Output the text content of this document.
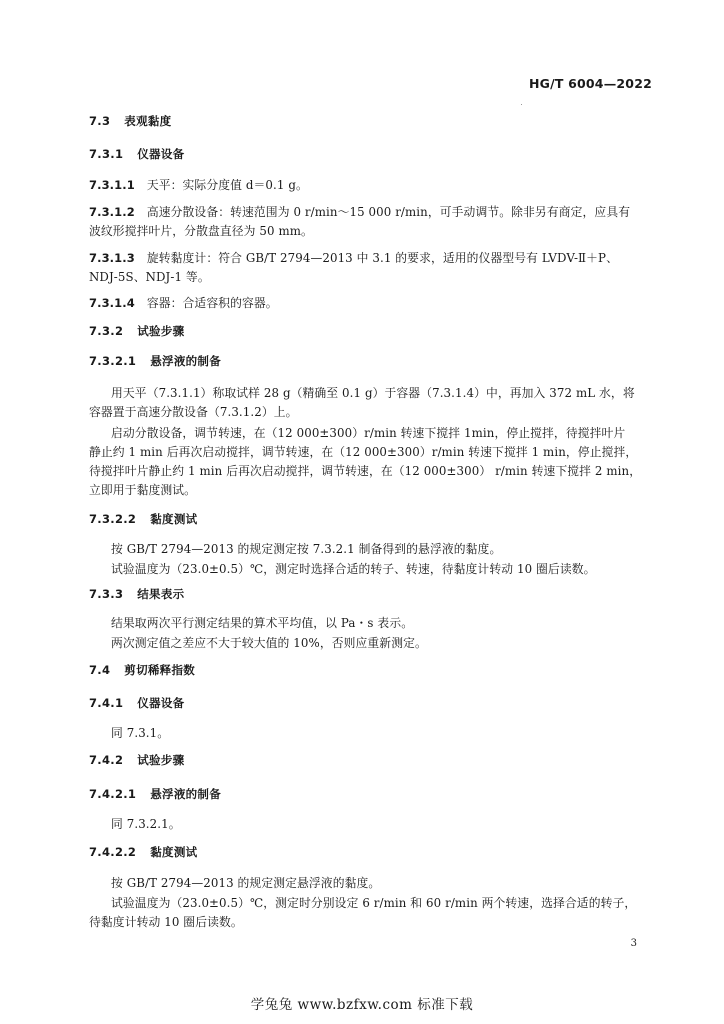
HG/T 6004—2022
7.3 表观黏度
7.3.1 仪器设备
7.3.1.1 天平：实际分度值 d＝0.1 g。
7.3.1.2 高速分散设备：转速范围为 0 r/min～15 000 r/min，可手动调节。除非另有商定，应具有
波纹形搅拌叶片，分散盘直径为 50 mm。
7.3.1.3 旋转黏度计：符合 GB/T 2794—2013 中 3.1 的要求，适用的仪器型号有 LVDV-Ⅱ＋P、
NDJ-5S、NDJ-1 等。
7.3.1.4 容器：合适容积的容器。
7.3.2 试验步骤
7.3.2.1 悬浮液的制备
用天平（7.3.1.1）称取试样 28 g（精确至 0.1 g）于容器（7.3.1.4）中，再加入 372 mL 水，将
容器置于高速分散设备（7.3.1.2）上。
启动分散设备，调节转速，在（12 000±300）r/min 转速下搅拌 1min，停止搅拌，待搅拌叶片
静止约 1 min 后再次启动搅拌，调节转速，在（12 000±300）r/min 转速下搅拌 1 min，停止搅拌，
待搅拌叶片静止约 1 min 后再次启动搅拌，调节转速，在（12 000±300） r/min 转速下搅拌 2 min，
立即用于黏度测试。
7.3.2.2 黏度测试
按 GB/T 2794—2013 的规定测定按 7.3.2.1 制备得到的悬浮液的黏度。
试验温度为（23.0±0.5）℃，测定时选择合适的转子、转速，待黏度计转动 10 圈后读数。
7.3.3 结果表示
结果取两次平行测定结果的算术平均值，以 Pa・s 表示。
两次测定值之差应不大于较大值的 10%，否则应重新测定。
7.4 剪切稀释指数
7.4.1 仪器设备
同 7.3.1。
7.4.2 试验步骤
7.4.2.1 悬浮液的制备
同 7.3.2.1。
7.4.2.2 黏度测试
按 GB/T 2794—2013 的规定测定悬浮液的黏度。
试验温度为（23.0±0.5）℃，测定时分别设定 6 r/min 和 60 r/min 两个转速，选择合适的转子，
待黏度计转动 10 圈后读数。
3
学兔兔 www.bzfxw.com 标准下载
